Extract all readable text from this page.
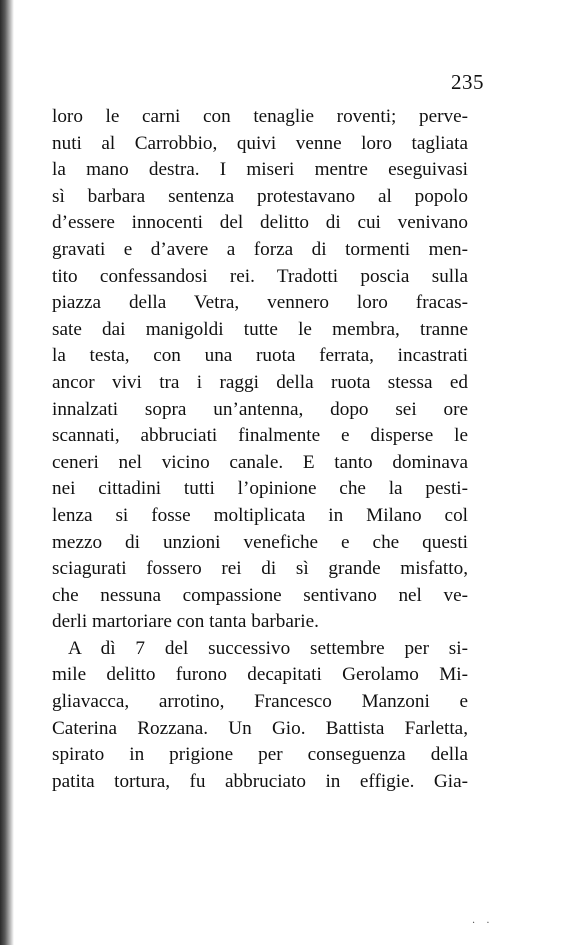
235
loro le carni con tenaglie roventi; perve-
nuti al Carrobbio, quivi venne loro tagliata
la mano destra. I miseri mentre eseguivasi
sì barbara sentenza protestavano al popolo
d’essere innocenti del delitto di cui venivano
gravati e d’avere a forza di tormenti men-
tito confessandosi rei. Tradotti poscia sulla
piazza della Vetra, vennero loro fracas-
sate dai manigoldi tutte le membra, tranne
la testa, con una ruota ferrata, incastrati
ancor vivi tra i raggi della ruota stessa ed
innalzati sopra un’antenna, dopo sei ore
scannati, abbruciati finalmente e disperse le
ceneri nel vicino canale. E tanto dominava
nei cittadini tutti l’opinione che la pesti-
lenza si fosse moltiplicata in Milano col
mezzo di unzioni venefiche e che questi
sciagurati fossero rei di sì grande misfatto,
che nessuna compassione sentivano nel ve-
derli martoriare con tanta barbarie.
A dì 7 del successivo settembre per si-
mile delitto furono decapitati Gerolamo Mi-
gliavacca, arrotino, Francesco Manzoni e
Caterina Rozzana. Un Gio. Battista Farletta,
spirato in prigione per conseguenza della
patita tortura, fu abbruciato in effigie. Gia-
· ·
